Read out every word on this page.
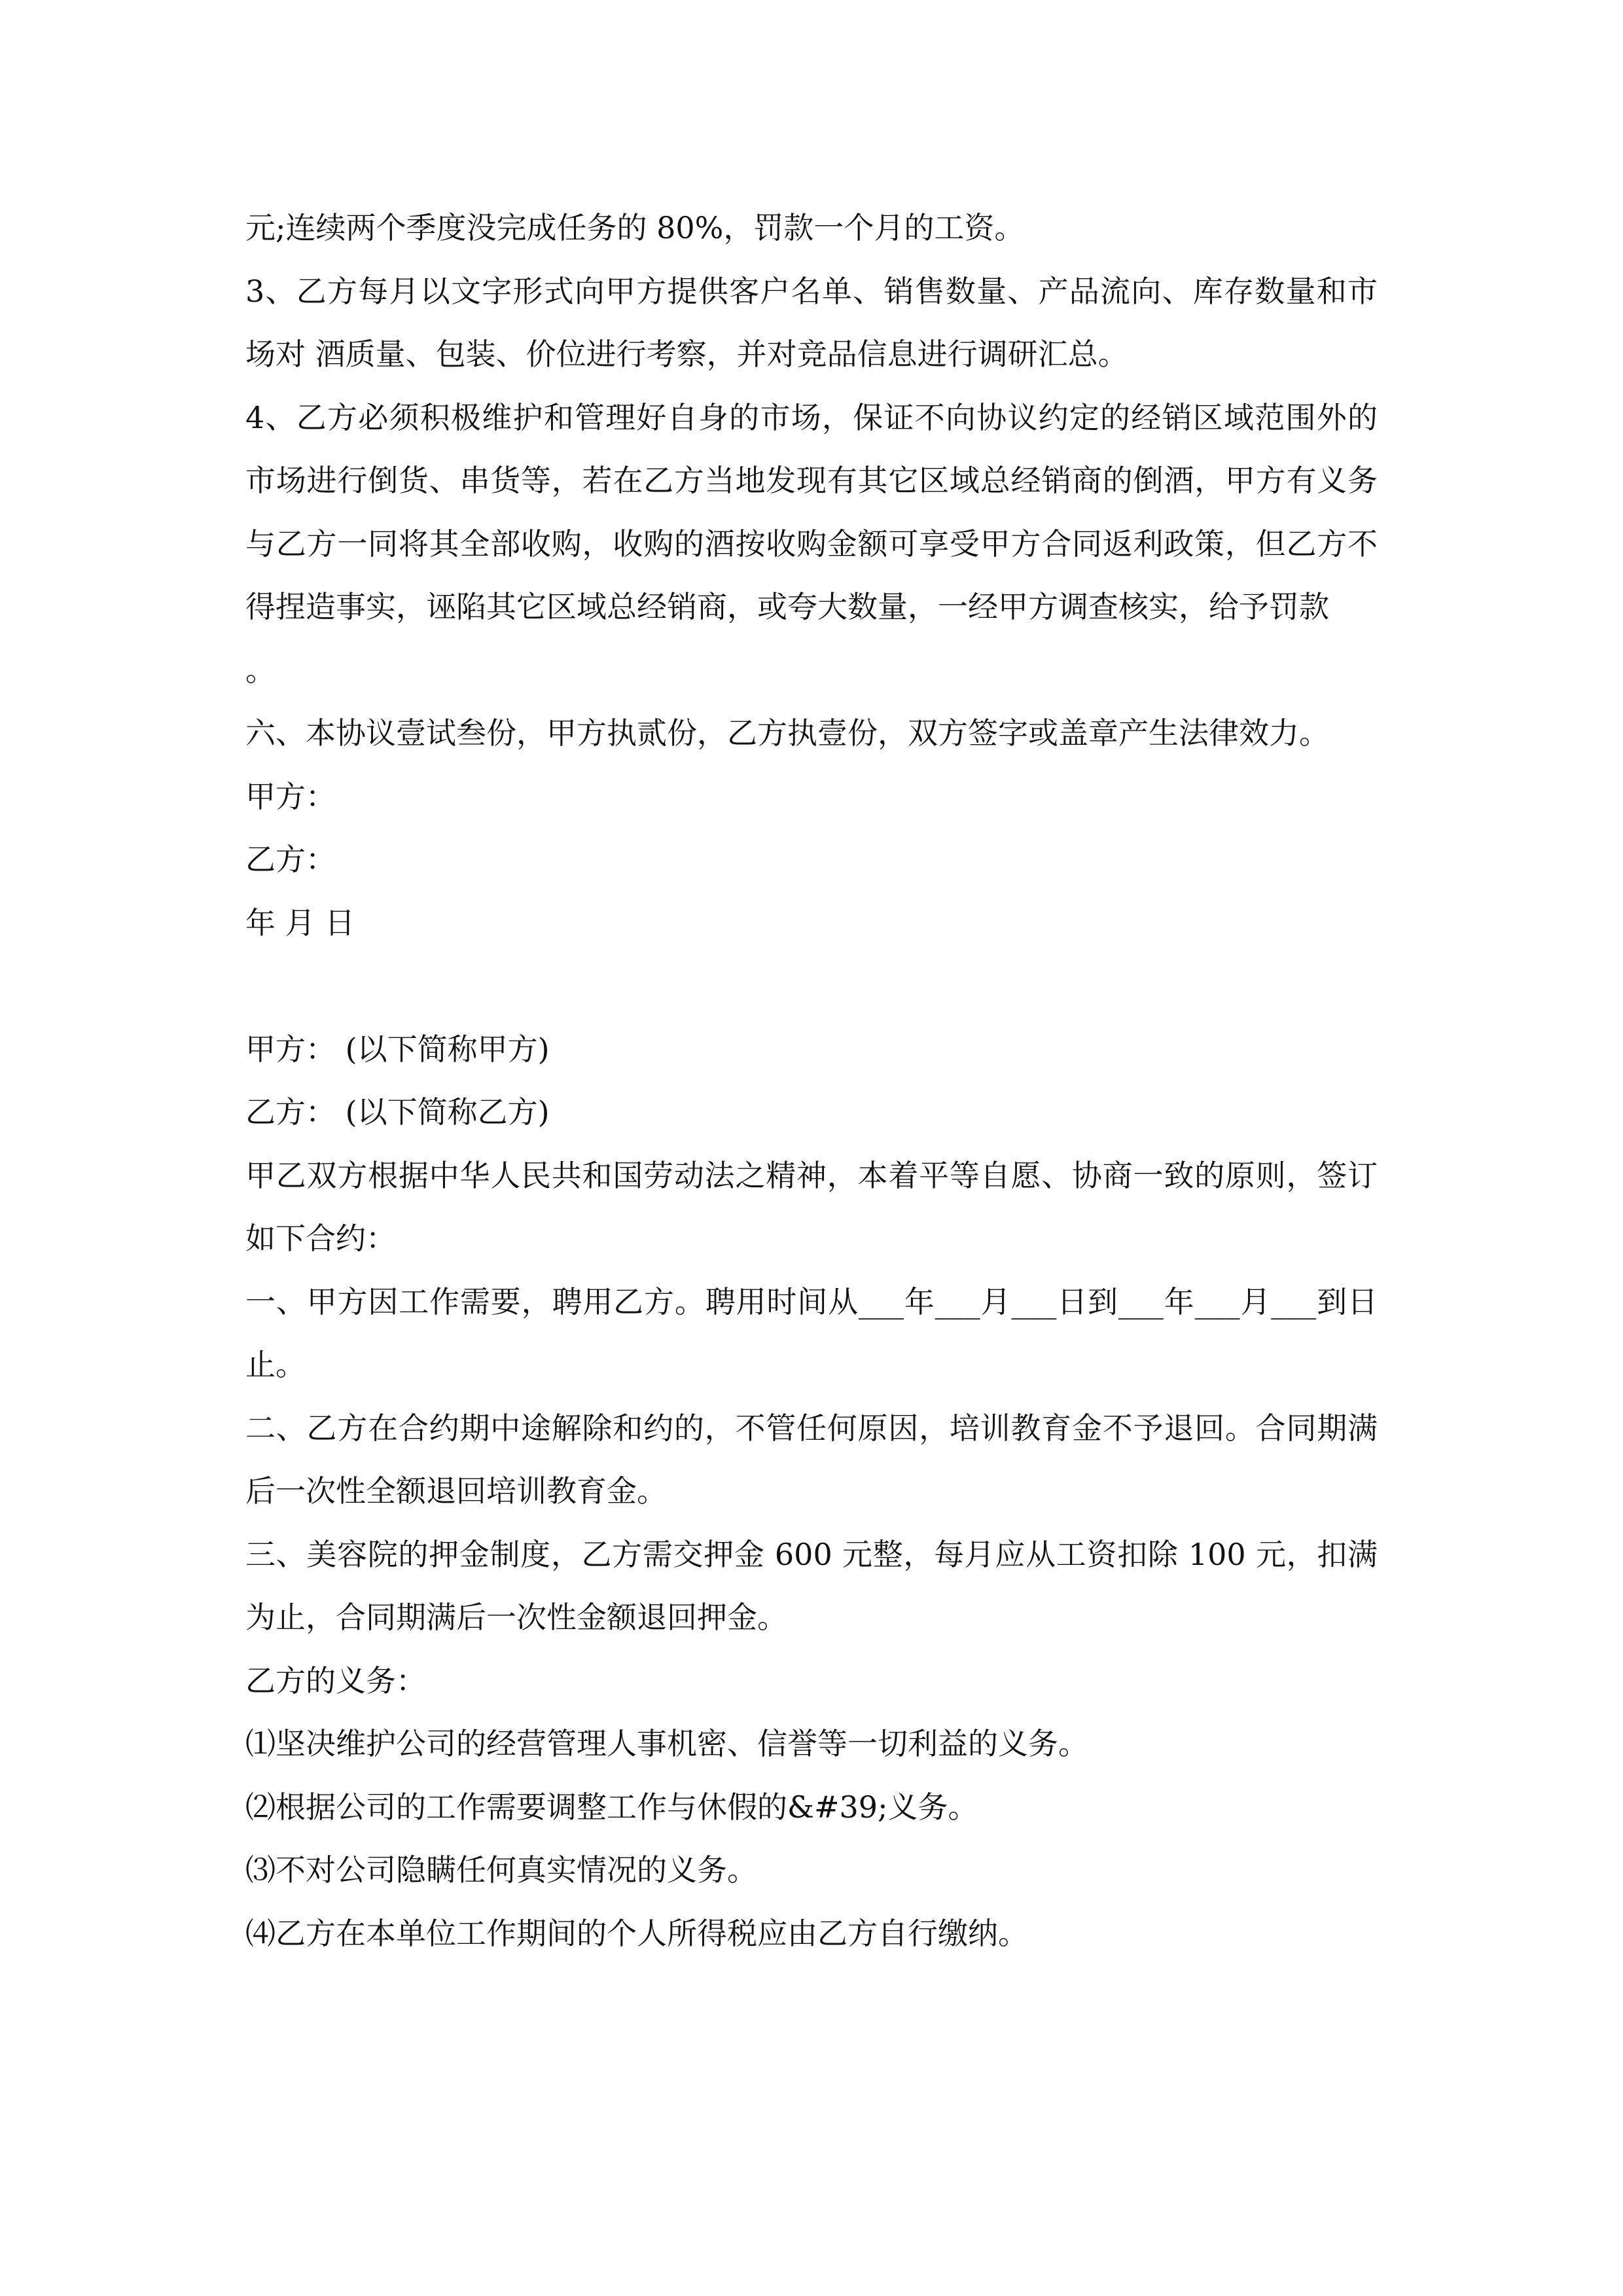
元;连续两个季度没完成任务的 80%，罚款一个月的工资。

3、乙方每月以文字形式向甲方提供客户名单、销售数量、产品流向、库存数量和市场对 酒质量、包装、价位进行考察，并对竞品信息进行调研汇总。

4、乙方必须积极维护和管理好自身的市场，保证不向协议约定的经销区域范围外的市场进行倒货、串货等，若在乙方当地发现有其它区域总经销商的倒酒，甲方有义务与乙方一同将其全部收购，收购的酒按收购金额可享受甲方合同返利政策，但乙方不得捏造事实，诬陷其它区域总经销商，或夸大数量，一经甲方调查核实，给予罚款

。

六、本协议壹试叁份，甲方执贰份，乙方执壹份，双方签字或盖章产生法律效力。

甲方：

乙方：

年 月 日

甲方： (以下简称甲方)

乙方： (以下简称乙方)

甲乙双方根据中华人民共和国劳动法之精神，本着平等自愿、协商一致的原则，签订如下合约：

一、甲方因工作需要，聘用乙方。聘用时间从___年___月___日到___年___月___到日止。

二、乙方在合约期中途解除和约的，不管任何原因，培训教育金不予退回。合同期满后一次性全额退回培训教育金。

三、美容院的押金制度，乙方需交押金 600 元整，每月应从工资扣除 100 元，扣满为止，合同期满后一次性金额退回押金。

乙方的义务：

⑴坚决维护公司的经营管理人事机密、信誉等一切利益的义务。

⑵根据公司的工作需要调整工作与休假的&#39;义务。

⑶不对公司隐瞒任何真实情况的义务。

⑷乙方在本单位工作期间的个人所得税应由乙方自行缴纳。
